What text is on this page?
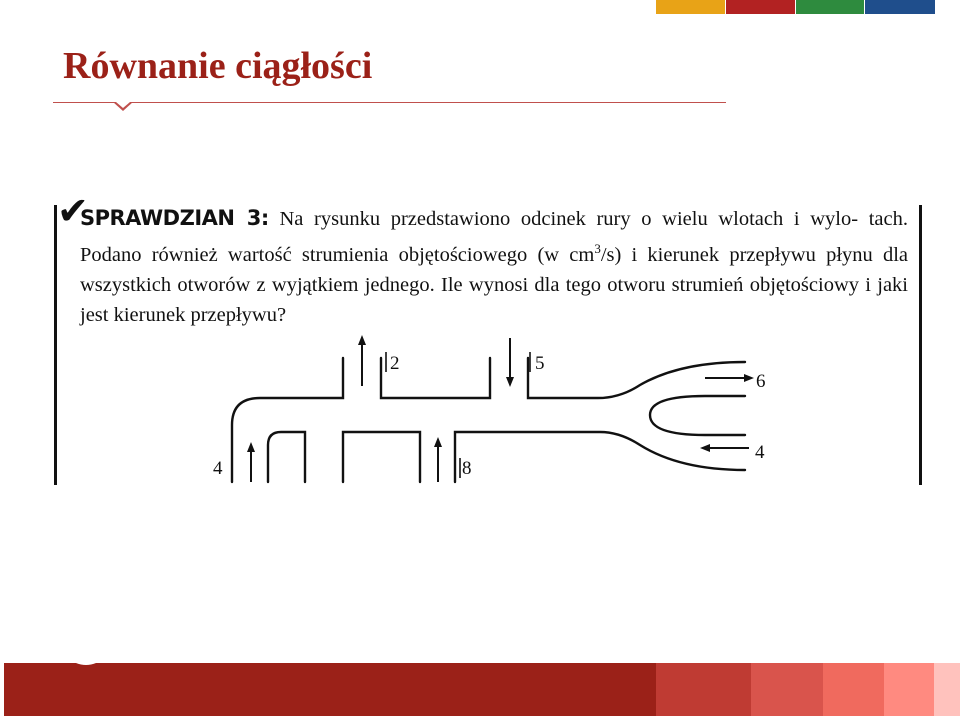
Równanie ciągłości
✔

SPRAWDZIAN 3: Na rysunku przedstawiono odcinek rury o wielu wlotach i wylo- tach. Podano również wartość strumienia objętościowego (w $cm^3/s$) i kierunek przepływu płynu dla wszystkich otworów z wyjątkiem jednego. Ile wynosi dla tego otworu strumień objętościowy i jaki jest kierunek przepływu?

4
2	5
8
6
4
